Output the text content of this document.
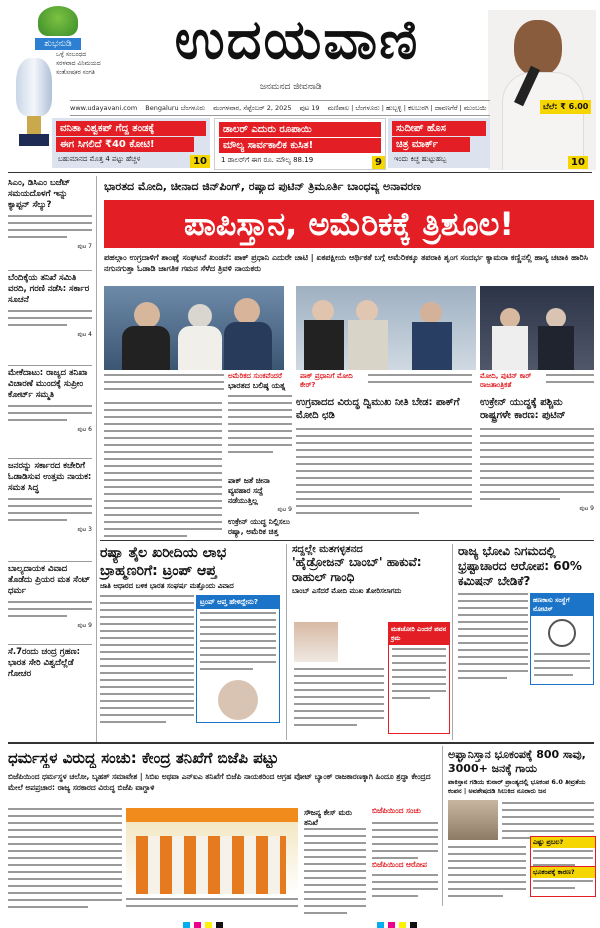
ಶುಭನುಡಿ
ಒಳ್ಳೆ ಸಂಬಂಧದ
ಸರಳವಾದ ವಿನಿಮಯದ
ಸಂತೋಷಕರ ಸಂಗತಿ
ಉದಯವಾಣಿ
ಜನಮನದ ಜೀವನಾಡಿ
www.udayavani.com Bengaluru ಬೆಂಗಳೂರು ಮಂಗಳವಾರ, ಸೆಪ್ಟೆಂಬರ್ 2, 2025 ಪುಟ 19 ಮಣಿಪಾಲ | ಬೆಂಗಳೂರು | ಹುಬ್ಬಳ್ಳಿ | ಕಲಬುರಗಿ | ದಾವಣಗೆರೆ | ಮುಂಬಯಿ	ಬೆಲೆ: ₹ 6.00
ವನಿತಾ ವಿಶ್ವಕಪ್ ಗೆದ್ದ ತಂಡಕ್ಕೆ
ಈಗ ಸಿಗಲಿದೆ ₹40 ಕೋಟಿ!
ಬಹುಮಾನದ ಮೊತ್ತ 4 ಪಟ್ಟು ಹೆಚ್ಚಳ	10
ಡಾಲರ್ ಎದುರು ರೂಪಾಯಿ
ಮೌಲ್ಯ ಸಾರ್ವಕಾಲಿಕ ಕುಸಿತ!
1 ಡಾಲರ್‌ಗೆ ಈಗ ರೂ. ಮೌಲ್ಯ 88.19	9
ಸುದೀಪ್ ಹೊಸ
ಚಿತ್ರ ಮಾರ್ಕ್
ಇಂದು ಕಿಚ್ಚ ಹುಟ್ಟುಹಬ್ಬ	10
ಸಿಎಂ, ಡಿಸಿಎಂ ಬಜೆಟ್ ಸಮಯದೊಳಗೆ ಇನ್ನು ಕ್ಯಾಪ್ಟನ್ ಸೆಲ್ಯು?
ಪುಟ 7
ಬೆಂದಿಕ್ಕೆಯ ತನಿಖೆ ಸಮಿತಿ ವರದಿ, ಗರಣಿ ನಡೆಸಿ: ಸರ್ಕಾರ ಸೂಚನೆ
ಪುಟ 4
ಮೇಕೆದಾಟು: ರಾಜ್ಯದ ತನಿಖಾ ವಿಚಾರಣೆ ಮುಂದಕ್ಕೆ ಸುಪ್ರೀಂ ಕೋರ್ಟ್ ಸಮ್ಮತಿ
ಪುಟ 6
ಜನರನ್ನು ಸರ್ಕಾರದ ಕಚೇರಿಗೆ ಓಡಾಡಿಸುವ ಉತ್ತಮ ನಾಯಕ: ಸಮತ ಸಿದ್ಧ
ಪುಟ 3
ಬಾಲ್ಯದಾಯಕ ವಿವಾದ ತೊಡೆದು ಪ್ರಿಯರ ಮತ ಸೆಂಟ್ ಧರ್ಮ
ಪುಟ 9
ಸೆ.7ರಂದು ಚಂದ್ರ ಗ್ರಹಣ: ಭಾರತ ಸೇರಿ ವಿಶ್ವದೆಲ್ಲೆಡೆ ಗೋಚರ
ಭಾರತದ ಮೋದಿ, ಚೀನಾದ ಜಿನ್‌ಪಿಂಗ್, ರಷ್ಯಾದ ಪುಟಿನ್ ತ್ರಿಮೂರ್ತಿ ಬಾಂಧವ್ಯ ಅನಾವರಣ
ಪಾಪಿಸ್ತಾನ, ಅಮೆರಿಕಕ್ಕೆ ತ್ರಿಶೂಲ!
ಪಹಲ್ಗಾಂ ಉಗ್ರದಾಳಿಗೆ ಶಾಂಘೈ ಸಂಘಟನೆ ಖಂಡನೆ: ಪಾಕ್ ಪ್ರಧಾನಿ ಎದುರೇ ಚಾಟಿ | ಏಕಪಕ್ಷೀಯ ಆರ್ಥಿಕತೆ ಬಗ್ಗೆ ಅಮೆರಿಕಕ್ಕೂ ತಪರಾಕಿ ಶೃಂಗ ಸಂದರ್ಭ ಕ್ಯಾಮರಾ ಕಣ್ಣಿನಲ್ಲಿ ಹಾಸ್ಯ ಚಟಾಕಿ ಹಾರಿಸಿ ನಗುನಗುತ್ತಾ ಓಡಾಡಿ ಜಾಗತಿಕ ಗಮನ ಸೆಳೆದ ತ್ರಿವಳಿ ನಾಯಕರು
ಪಾಕ್ ಪ್ರಧಾನಿಗೆ ಮೋದಿ ಕೇರ್?
ಮೋದಿ, ಪುಟಿನ್ ಕಾರ್ ರಾಜತಾಂತ್ರಿಕತೆ
ಅಮೆರಿಕದ ಸುಂಕವೆಂದರೆ
ಭಾರತದ ಬಲಿಷ್ಠ ಯತ್ನ
ಪಾಕ್ ಜತೆ ಚೀನಾ ವ್ಯವಹಾರ ಸದ್ದೆ ನಡೆಯುತ್ತಿಲ್ಲ
ಪುಟ 9
ಉಕ್ರೇನ್ ಯುದ್ಧ ನಿಲ್ಲಿಸಲು ರಷ್ಯಾ, ಅಮೆರಿಕ ಚಿತ್ತ
ಉಗ್ರವಾದದ ವಿರುದ್ಧ ದ್ವಿಮುಖ ನೀತಿ ಬೇಡ: ಪಾಕ್‌ಗೆ ಮೋದಿ ಛಡಿ
ಉಕ್ರೇನ್ ಯುದ್ಧಕ್ಕೆ ಪಶ್ಚಿಮ ರಾಷ್ಟ್ರಗಳೇ ಕಾರಣ: ಪುಟಿನ್
ಪುಟ 9
ರಷ್ಯಾ ತೈಲ ಖರೀದಿಯ ಲಾಭ ಬ್ರಾಹ್ಮಣರಿಗೆ: ಟ್ರಂಪ್ ಆಪ್ತ
ಜಾತಿ ಆಧಾರದ ಬಳಿಕ ಭಾರತ ಸಂಘರ್ಷ ಮತ್ತೊಂದು ವಿವಾದ
ಟ್ರಂಪ್ ಆಪ್ತ ಹೇಳಿದ್ದೇನು?
ಸದ್ದಲ್ಲೇ ಮತಗಳ್ಳತನದ
'ಹೈಡ್ರೋಜನ್ ಬಾಂಬ್' ಹಾಕುವೆ: ರಾಹುಲ್ ಗಾಂಧಿ
ಬಾಂಬ್ ಎಸೆದರೆ ಮೋದಿ ಮುಖ ತೋರಿಸಲಾಗದು
ಮತಚೋರಿ ಎಂದರೆ ಪವನ ಕ್ರಮ
ರಾಜ್ಯ ಭೋವಿ ನಿಗಮದಲ್ಲಿ ಭ್ರಷ್ಟಾಚಾರದ ಆರೋಪ: 60% ಕಮಿಷನ್ ಬೇಡಿಕೆ?
ಹಣಕಾಸು ಸಂಸ್ಥೆಗೆ ನೋಟಿಸ್
ಧರ್ಮಸ್ಥಳ ವಿರುದ್ಧ ಸಂಚು: ಕೇಂದ್ರ ತನಿಖೆಗೆ ಬಿಜೆಪಿ ಪಟ್ಟು
ಬಿಜೆಪಿಯಿಂದ ಧರ್ಮಸ್ಥಳ ಚಲೋ, ಬೃಹತ್ ಸಮಾವೇಶ | ಸಿಬಿಐ ಅಥವಾ ಎನ್‌ಐಎ ತನಿಖೆಗೆ ಬಿಜೆಪಿ ನಾಯಕರಿಂದ ಆಗ್ರಹ ವೋಟ್ ಬ್ಯಾಂಕ್ ರಾಜಕಾರಣಕ್ಕಾಗಿ ಹಿಂದೂ ಶ್ರದ್ಧಾ ಕೇಂದ್ರದ ಮೇಲೆ ಅಪಪ್ರಚಾರ: ರಾಜ್ಯ ಸರಕಾರದ ವಿರುದ್ಧ ಬಿಜೆಪಿ ವಾಗ್ದಾಳಿ
ಸೌಜನ್ಯ ಕೇಸ್ ಮರು ತನಿಖೆ
ಬಿಜೆಪಿಯಿಂದ ಸಂಚು
ಬಿಜೆಪಿಯಿಂದ ಆರೋಪ
ಅಫ್ಘಾನಿಸ್ತಾನ ಭೂಕಂಪಕ್ಕೆ 800 ಸಾವು, 3000+ ಜನಕ್ಕೆ ಗಾಯ
ಪಾಕಿಸ್ತಾನ ಗಡಿಯ ಕುನಾರ್ ಪ್ರಾಂತ್ಯದಲ್ಲಿ ಭೂಕಂಪ 6.0 ತೀವ್ರತೆಯ ಕಂಪನ | ಅವಶೇಷದಡಿ ಸಿಲುಕಿದ ನೂರಾರು ಜನ
ಎಷ್ಟು ಪ್ರಬಲ?
ಭೂಕಂಪಕ್ಕೆ ಕಾರಣ?
